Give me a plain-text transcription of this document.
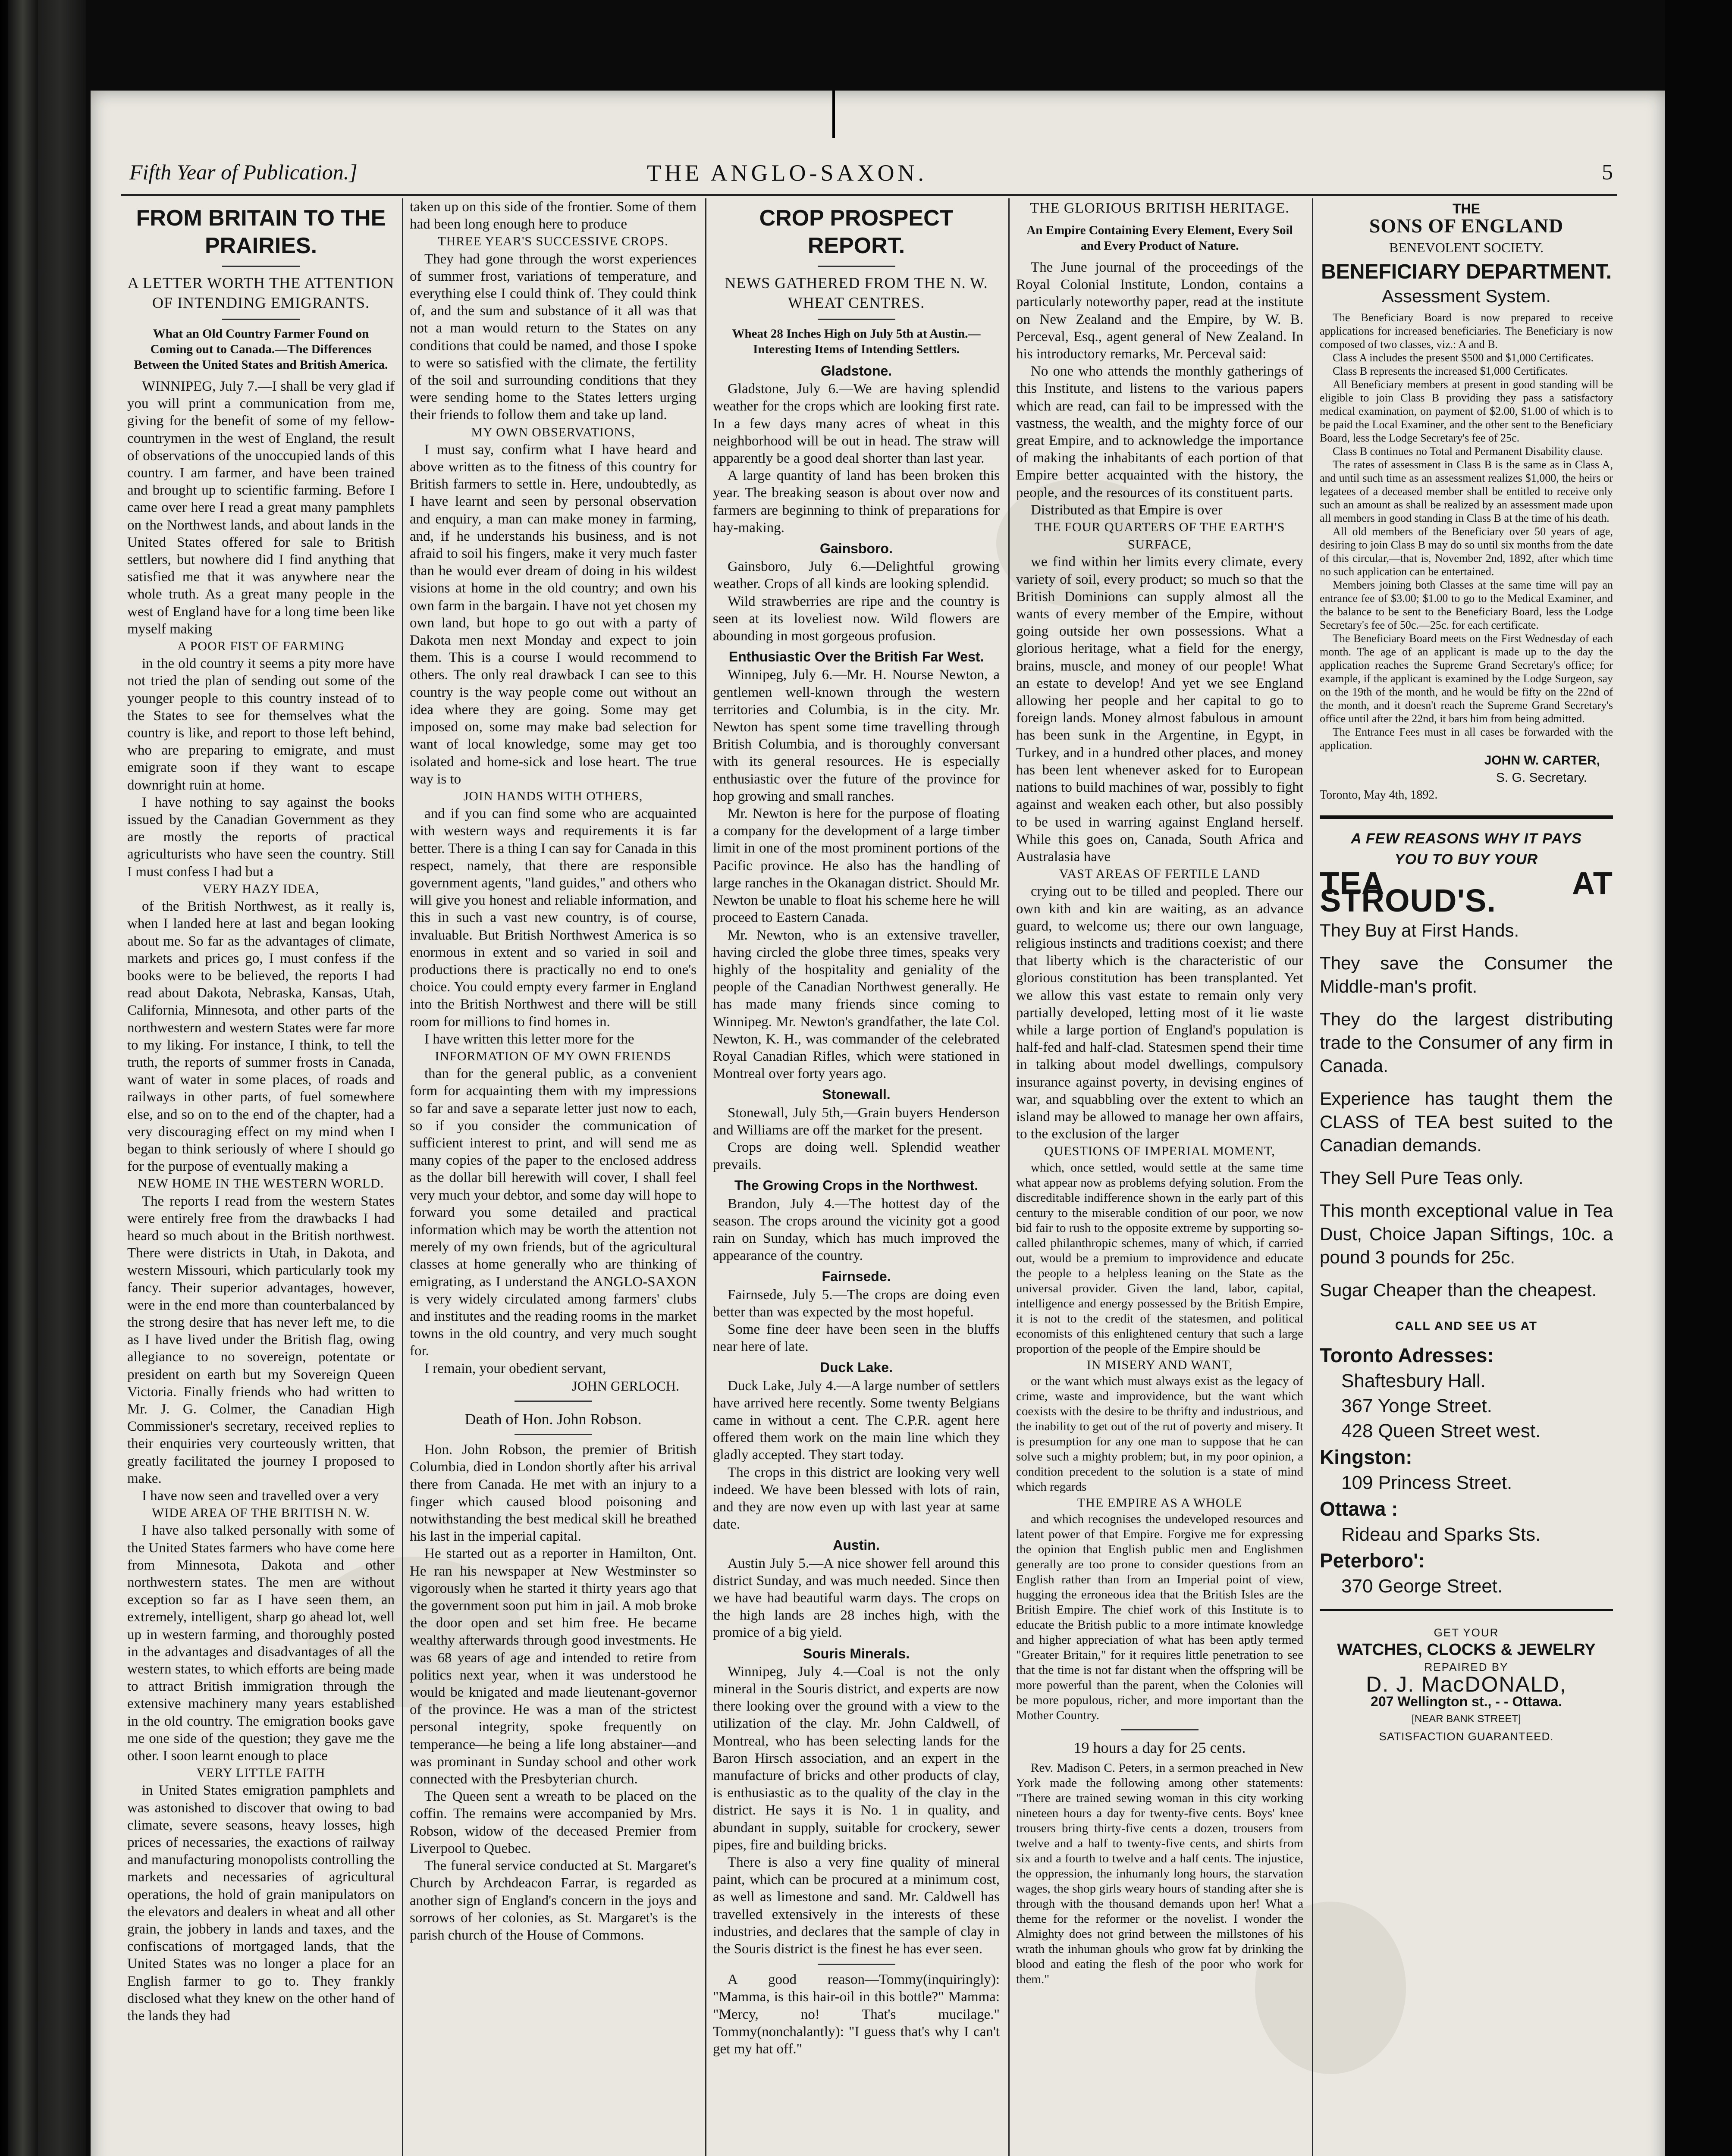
Fifth Year of Publication.]	THE ANGLO-SAXON.	5
FROM BRITAIN TO THE PRAIRIES.
A LETTER WORTH THE ATTENTION OF INTENDING EMIGRANTS.
What an Old Country Farmer Found on Coming out to Canada.—The Differences Between the United States and British America.

WINNIPEG, July 7.—I shall be very glad if you will print a communication from me, giving for the benefit of some of my fellow-countrymen in the west of England, the result of observations of the unoccupied lands of this country. I am farmer, and have been trained and brought up to scientific farming. Before I came over here I read a great many pamphlets on the Northwest lands, and about lands in the United States offered for sale to British settlers, but nowhere did I find anything that satisfied me that it was anywhere near the whole truth. As a great many people in the west of England have for a long time been like myself making

A POOR FIST OF FARMING

in the old country it seems a pity more have not tried the plan of sending out some of the younger people to this country instead of to the States to see for themselves what the country is like, and report to those left behind, who are preparing to emigrate, and must emigrate soon if they want to escape downright ruin at home.

I have nothing to say against the books issued by the Canadian Government as they are mostly the reports of practical agriculturists who have seen the country. Still I must confess I had but a

VERY HAZY IDEA,

of the British Northwest, as it really is, when I landed here at last and began looking about me. So far as the advantages of climate, markets and prices go, I must confess if the books were to be believed, the reports I had read about Dakota, Nebraska, Kansas, Utah, California, Minnesota, and other parts of the northwestern and western States were far more to my liking. For instance, I think, to tell the truth, the reports of summer frosts in Canada, want of water in some places, of roads and railways in other parts, of fuel somewhere else, and so on to the end of the chapter, had a very discouraging effect on my mind when I began to think seriously of where I should go for the purpose of eventually making a

NEW HOME IN THE WESTERN WORLD.

The reports I read from the western States were entirely free from the drawbacks I had heard so much about in the British northwest. There were districts in Utah, in Dakota, and western Missouri, which particularly took my fancy. Their superior advantages, however, were in the end more than counterbalanced by the strong desire that has never left me, to die as I have lived under the British flag, owing allegiance to no sovereign, potentate or president on earth but my Sovereign Queen Victoria. Finally friends who had written to Mr. J. G. Colmer, the Canadian High Commissioner's secretary, received replies to their enquiries very courteously written, that greatly facilitated the journey I proposed to make.

I have now seen and travelled over a very

WIDE AREA OF THE BRITISH N. W.

I have also talked personally with some of the United States farmers who have come here from Minnesota, Dakota and other northwestern states. The men are without exception so far as I have seen them, an extremely, intelligent, sharp go ahead lot, well up in western farming, and thoroughly posted in the advantages and disadvantages of all the western states, to which efforts are being made to attract British immigration through the extensive machinery many years established in the old country. The emigration books gave me one side of the question; they gave me the other. I soon learnt enough to place

VERY LITTLE FAITH

in United States emigration pamphlets and was astonished to discover that owing to bad climate, severe seasons, heavy losses, high prices of necessaries, the exactions of railway and manufacturing monopolists controlling the markets and necessaries of agricultural operations, the hold of grain manipulators on the elevators and dealers in wheat and all other grain, the jobbery in lands and taxes, and the confiscations of mortgaged lands, that the United States was no longer a place for an English farmer to go to. They frankly disclosed what they knew on the other hand of the lands they had

taken up on this side of the frontier. Some of them had been long enough here to produce

THREE YEAR'S SUCCESSIVE CROPS.

They had gone through the worst experiences of summer frost, variations of temperature, and everything else I could think of. They could think of, and the sum and substance of it all was that not a man would return to the States on any conditions that could be named, and those I spoke to were so satisfied with the climate, the fertility of the soil and surrounding conditions that they were sending home to the States letters urging their friends to follow them and take up land.

MY OWN OBSERVATIONS,

I must say, confirm what I have heard and above written as to the fitness of this country for British farmers to settle in. Here, undoubtedly, as I have learnt and seen by personal observation and enquiry, a man can make money in farming, and, if he understands his business, and is not afraid to soil his fingers, make it very much faster than he would ever dream of doing in his wildest visions at home in the old country; and own his own farm in the bargain. I have not yet chosen my own land, but hope to go out with a party of Dakota men next Monday and expect to join them. This is a course I would recommend to others. The only real drawback I can see to this country is the way people come out without an idea where they are going. Some may get imposed on, some may make bad selection for want of local knowledge, some may get too isolated and home-sick and lose heart. The true way is to

JOIN HANDS WITH OTHERS,

and if you can find some who are acquainted with western ways and requirements it is far better. There is a thing I can say for Canada in this respect, namely, that there are responsible government agents, "land guides," and others who will give you honest and reliable information, and this in such a vast new country, is of course, invaluable. But British Northwest America is so enormous in extent and so varied in soil and productions there is practically no end to one's choice. You could empty every farmer in England into the British Northwest and there will be still room for millions to find homes in.

I have written this letter more for the

INFORMATION OF MY OWN FRIENDS

than for the general public, as a convenient form for acquainting them with my impressions so far and save a separate letter just now to each, so if you consider the communication of sufficient interest to print, and will send me as many copies of the paper to the enclosed address as the dollar bill herewith will cover, I shall feel very much your debtor, and some day will hope to forward you some detailed and practical information which may be worth the attention not merely of my own friends, but of the agricultural classes at home generally who are thinking of emigrating, as I understand the ANGLO-SAXON is very widely circulated among farmers' clubs and institutes and the reading rooms in the market towns in the old country, and very much sought for.

I remain, your obedient servant,

JOHN GERLOCH.
Death of Hon. John Robson.

Hon. John Robson, the premier of British Columbia, died in London shortly after his arrival there from Canada. He met with an injury to a finger which caused blood poisoning and notwithstanding the best medical skill he breathed his last in the imperial capital.

He started out as a reporter in Hamilton, Ont. He ran his newspaper at New Westminster so vigorously when he started it thirty years ago that the government soon put him in jail. A mob broke the door open and set him free. He became wealthy afterwards through good investments. He was 68 years of age and intended to retire from politics next year, when it was understood he would be knigated and made lieutenant-governor of the province. He was a man of the strictest personal integrity, spoke frequently on temperance—he being a life long abstainer—and was prominant in Sunday school and other work connected with the Presbyterian church.

The Queen sent a wreath to be placed on the coffin. The remains were accompanied by Mrs. Robson, widow of the deceased Premier from Liverpool to Quebec.

The funeral service conducted at St. Margaret's Church by Archdeacon Farrar, is regarded as another sign of England's concern in the joys and sorrows of her colonies, as St. Margaret's is the parish church of the House of Commons.

CROP PROSPECT REPORT.
NEWS GATHERED FROM THE N. W. WHEAT CENTRES.
Wheat 28 Inches High on July 5th at Austin.—Interesting Items of Intending Settlers.
Gladstone.

Gladstone, July 6.—We are having splendid weather for the crops which are looking first rate. In a few days many acres of wheat in this neighborhood will be out in head. The straw will apparently be a good deal shorter than last year.

A large quantity of land has been broken this year. The breaking season is about over now and farmers are beginning to think of preparations for hay-making.

Gainsboro.

Gainsboro, July 6.—Delightful growing weather. Crops of all kinds are looking splendid.

Wild strawberries are ripe and the country is seen at its loveliest now. Wild flowers are abounding in most gorgeous profusion.

Enthusiastic Over the British Far West.

Winnipeg, July 6.—Mr. H. Nourse Newton, a gentlemen well-known through the western territories and Columbia, is in the city. Mr. Newton has spent some time travelling through British Columbia, and is thoroughly conversant with its general resources. He is especially enthusiastic over the future of the province for hop growing and small ranches.

Mr. Newton is here for the purpose of floating a company for the development of a large timber limit in one of the most prominent portions of the Pacific province. He also has the handling of large ranches in the Okanagan district. Should Mr. Newton be unable to float his scheme here he will proceed to Eastern Canada.

Mr. Newton, who is an extensive traveller, having circled the globe three times, speaks very highly of the hospitality and geniality of the people of the Canadian Northwest generally. He has made many friends since coming to Winnipeg. Mr. Newton's grandfather, the late Col. Newton, K. H., was commander of the celebrated Royal Canadian Rifles, which were stationed in Montreal over forty years ago.

Stonewall.

Stonewall, July 5th,—Grain buyers Henderson and Williams are off the market for the present.

Crops are doing well. Splendid weather prevails.

The Growing Crops in the Northwest.

Brandon, July 4.—The hottest day of the season. The crops around the vicinity got a good rain on Sunday, which has much improved the appearance of the country.

Fairnsede.

Fairnsede, July 5.—The crops are doing even better than was expected by the most hopeful.

Some fine deer have been seen in the bluffs near here of late.

Duck Lake.

Duck Lake, July 4.—A large number of settlers have arrived here recently. Some twenty Belgians came in without a cent. The C.P.R. agent here offered them work on the main line which they gladly accepted. They start today.

The crops in this district are looking very well indeed. We have been blessed with lots of rain, and they are now even up with last year at same date.

Austin.

Austin July 5.—A nice shower fell around this district Sunday, and was much needed. Since then we have had beautiful warm days. The crops on the high lands are 28 inches high, with the promice of a big yield.

Souris Minerals.

Winnipeg, July 4.—Coal is not the only mineral in the Souris district, and experts are now there looking over the ground with a view to the utilization of the clay. Mr. John Caldwell, of Montreal, who has been selecting lands for the Baron Hirsch association, and an expert in the manufacture of bricks and other products of clay, is enthusiastic as to the quality of the clay in the district. He says it is No. 1 in quality, and abundant in supply, suitable for crockery, sewer pipes, fire and building bricks.

There is also a very fine quality of mineral paint, which can be procured at a minimum cost, as well as limestone and sand. Mr. Caldwell has travelled extensively in the interests of these industries, and declares that the sample of clay in the Souris district is the finest he has ever seen.

A good reason—Tommy(inquiringly): "Mamma, is this hair-oil in this bottle?" Mamma: "Mercy, no! That's mucilage." Tommy(nonchalantly): "I guess that's why I can't get my hat off."

THE GLORIOUS BRITISH HERITAGE.
An Empire Containing Every Element, Every Soil and Every Product of Nature.

The June journal of the proceedings of the Royal Colonial Institute, London, contains a particularly noteworthy paper, read at the institute on New Zealand and the Empire, by W. B. Perceval, Esq., agent general of New Zealand. In his introductory remarks, Mr. Perceval said:

No one who attends the monthly gatherings of this Institute, and listens to the various papers which are read, can fail to be impressed with the vastness, the wealth, and the mighty force of our great Empire, and to acknowledge the importance of making the inhabitants of each portion of that Empire better acquainted with the history, the people, and the resources of its constituent parts.

Distributed as that Empire is over

THE FOUR QUARTERS OF THE EARTH'S SURFACE,

we find within her limits every climate, every variety of soil, every product; so much so that the British Dominions can supply almost all the wants of every member of the Empire, without going outside her own possessions. What a glorious heritage, what a field for the energy, brains, muscle, and money of our people! What an estate to develop! And yet we see England allowing her people and her capital to go to foreign lands. Money almost fabulous in amount has been sunk in the Argentine, in Egypt, in Turkey, and in a hundred other places, and money has been lent whenever asked for to European nations to build machines of war, possibly to fight against and weaken each other, but also possibly to be used in warring against England herself. While this goes on, Canada, South Africa and Australasia have

VAST AREAS OF FERTILE LAND

crying out to be tilled and peopled. There our own kith and kin are waiting, as an advance guard, to welcome us; there our own language, religious instincts and traditions coexist; and there that liberty which is the characteristic of our glorious constitution has been transplanted. Yet we allow this vast estate to remain only very partially developed, letting most of it lie waste while a large portion of England's population is half-fed and half-clad. Statesmen spend their time in talking about model dwellings, compulsory insurance against poverty, in devising engines of war, and squabbling over the extent to which an island may be allowed to manage her own affairs, to the exclusion of the larger

QUESTIONS OF IMPERIAL MOMENT,

which, once settled, would settle at the same time what appear now as problems defying solution. From the discreditable indifference shown in the early part of this century to the miserable condition of our poor, we now bid fair to rush to the opposite extreme by supporting so-called philanthropic schemes, many of which, if carried out, would be a premium to improvidence and educate the people to a helpless leaning on the State as the universal provider. Given the land, labor, capital, intelligence and energy possessed by the British Empire, it is not to the credit of the statesmen, and political economists of this enlightened century that such a large proportion of the people of the Empire should be

IN MISERY AND WANT,

or the want which must always exist as the legacy of crime, waste and improvidence, but the want which coexists with the desire to be thrifty and industrious, and the inability to get out of the rut of poverty and misery. It is presumption for any one man to suppose that he can solve such a mighty problem; but, in my poor opinion, a condition precedent to the solution is a state of mind which regards

THE EMPIRE AS A WHOLE

and which recognises the undeveloped resources and latent power of that Empire. Forgive me for expressing the opinion that English public men and Englishmen generally are too prone to consider questions from an English rather than from an Imperial point of view, hugging the erroneous idea that the British Isles are the British Empire. The chief work of this Institute is to educate the British public to a more intimate knowledge and higher appreciation of what has been aptly termed "Greater Britain," for it requires little penetration to see that the time is not far distant when the offspring will be more powerful than the parent, when the Colonies will be more populous, richer, and more important than the Mother Country.

19 hours a day for 25 cents.

Rev. Madison C. Peters, in a sermon preached in New York made the following among other statements: "There are trained sewing woman in this city working nineteen hours a day for twenty-five cents. Boys' knee trousers bring thirty-five cents a dozen, trousers from twelve and a half to twenty-five cents, and shirts from six and a fourth to twelve and a half cents. The injustice, the oppression, the inhumanly long hours, the starvation wages, the shop girls weary hours of standing after she is through with the thousand demands upon her! What a theme for the reformer or the novelist. I wonder the Almighty does not grind between the millstones of his wrath the inhuman ghouls who grow fat by drinking the blood and eating the flesh of the poor who work for them."

THE
SONS OF ENGLAND
BENEVOLENT SOCIETY.
BENEFICIARY DEPARTMENT.
Assessment System.

The Beneficiary Board is now prepared to receive applications for increased beneficiaries. The Beneficiary is now composed of two classes, viz.: A and B.

Class A includes the present $500 and $1,000 Certificates.

Class B represents the increased $1,000 Certificates.

All Beneficiary members at present in good standing will be eligible to join Class B providing they pass a satisfactory medical examination, on payment of $2.00, $1.00 of which is to be paid the Local Examiner, and the other sent to the Beneficiary Board, less the Lodge Secretary's fee of 25c.

Class B continues no Total and Permanent Disability clause.

The rates of assessment in Class B is the same as in Class A, and until such time as an assessment realizes $1,000, the heirs or legatees of a deceased member shall be entitled to receive only such an amount as shall be realized by an assessment made upon all members in good standing in Class B at the time of his death.

All old members of the Beneficiary over 50 years of age, desiring to join Class B may do so until six months from the date of this circular,—that is, November 2nd, 1892, after which time no such application can be entertained.

Members joining both Classes at the same time will pay an entrance fee of $3.00; $1.00 to go to the Medical Examiner, and the balance to be sent to the Beneficiary Board, less the Lodge Secretary's fee of 50c.—25c. for each certificate.

The Beneficiary Board meets on the First Wednesday of each month. The age of an applicant is made up to the day the application reaches the Supreme Grand Secretary's office; for example, if the applicant is examined by the Lodge Surgeon, say on the 19th of the month, and he would be fifty on the 22nd of the month, and it doesn't reach the Supreme Grand Secretary's office until after the 22nd, it bars him from being admitted.

The Entrance Fees must in all cases be forwarded with the application.

JOHN W. CARTER,
S. G. Secretary.
Toronto, May 4th, 1892.
A FEW REASONS WHY IT PAYS
YOU TO BUY YOUR
TEA AT STROUD'S.
They Buy at First Hands.
They save the Consumer the Middle-man's profit.
They do the largest distributing trade to the Consumer of any firm in Canada.
Experience has taught them the CLASS of TEA best suited to the Canadian demands.
They Sell Pure Teas only.
This month exceptional value in Tea Dust, Choice Japan Siftings, 10c. a pound 3 pounds for 25c.
Sugar Cheaper than the cheapest.
CALL AND SEE US AT
Toronto Adresses:
Shaftesbury Hall.
367 Yonge Street.
428 Queen Street west.
Kingston:
109 Princess Street.
Ottawa :
Rideau and Sparks Sts.
Peterboro':
370 George Street.
GET YOUR
WATCHES, CLOCKS & JEWELRY
REPAIRED BY
D. J. MacDONALD,
207 Wellington st., - - Ottawa.
[NEAR BANK STREET]
SATISFACTION GUARANTEED.
